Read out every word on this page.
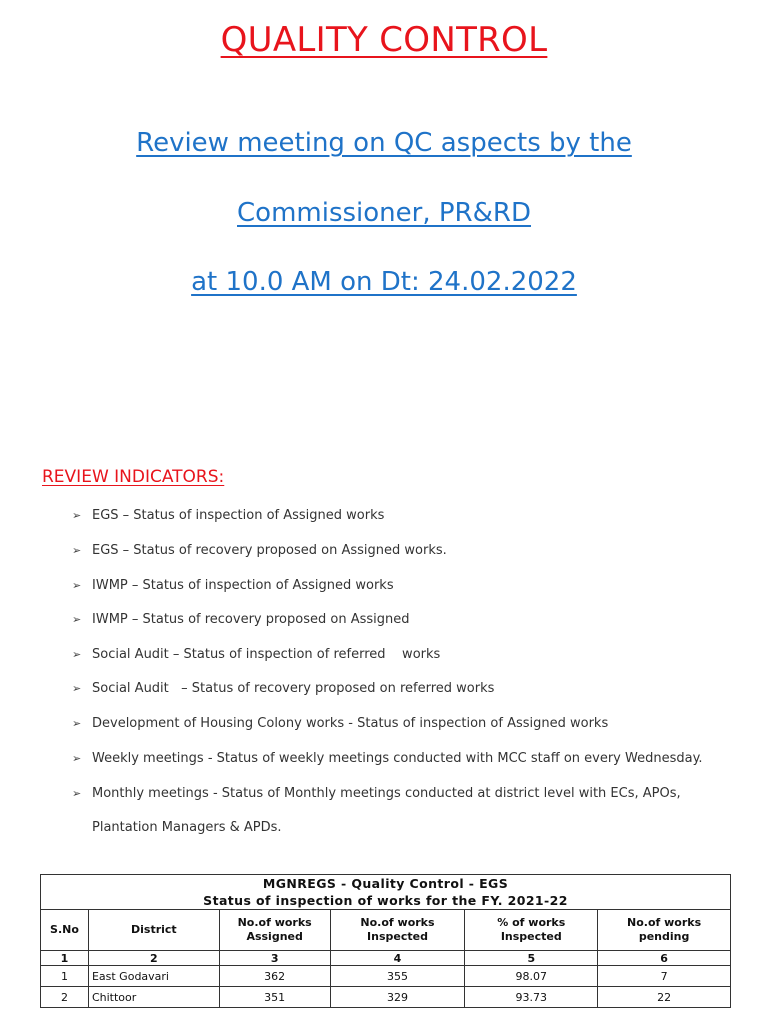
QUALITY CONTROL

Review meeting on QC aspects by the

Commissioner, PR&RD

at 10.0 AM on Dt: 24.02.2022

REVIEW INDICATORS:
➢ EGS – Status of inspection of Assigned works
➢ EGS – Status of recovery proposed on Assigned works.
➢ IWMP – Status of inspection of Assigned works
➢ IWMP – Status of recovery proposed on Assigned
➢ Social Audit – Status of inspection of referred    works
➢ Social Audit   – Status of recovery proposed on referred works
➢ Development of Housing Colony works - Status of inspection of Assigned works
➢ Weekly meetings - Status of weekly meetings conducted with MCC staff on every Wednesday.
➢ Monthly meetings - Status of Monthly meetings conducted at district level with ECs, APOs,
Plantation Managers & APDs.
MGNREGS - Quality Control - EGS
Status of inspection of works for the FY. 2021-22					

S.No	District	No.of works Assigned	No.of works Inspected	% of works Inspected	No.of works pending
1	2	3	4	5	6
1	East Godavari	362	355	98.07	7
2	Chittoor	351	329	93.73	22
